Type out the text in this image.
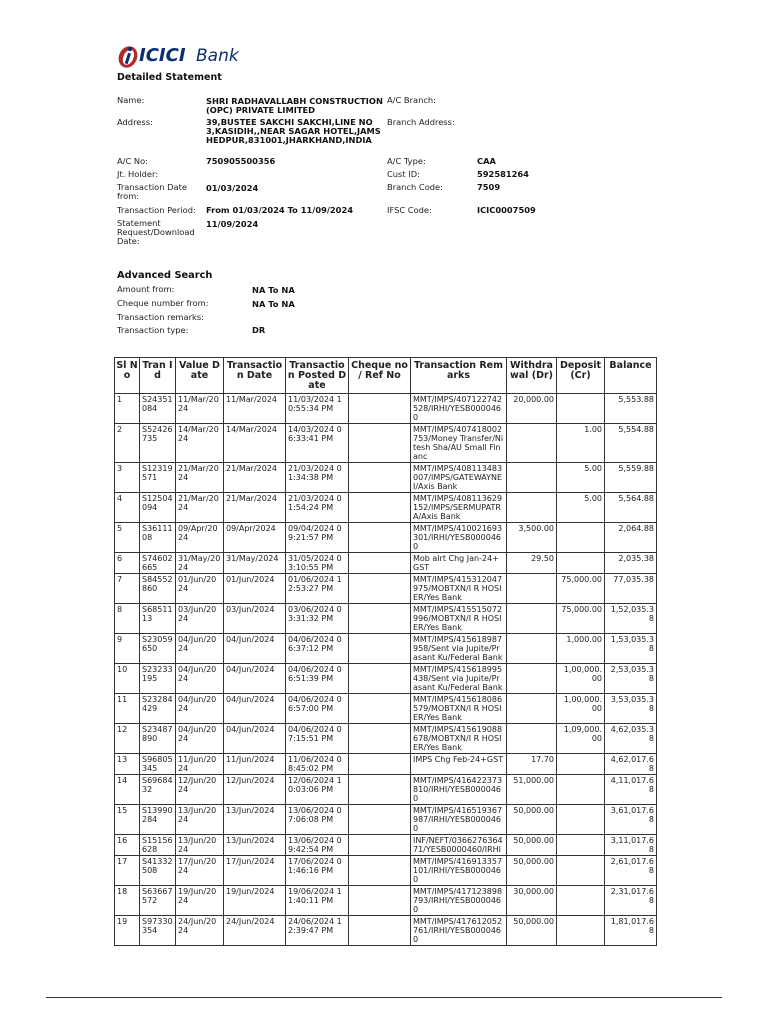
ICICI Bank
Detailed Statement
Name:	SHRI RADHAVALLABH CONSTRUCTION (OPC) PRIVATE LIMITED
Address:	39,BUSTEE SAKCHI SAKCHI,LINE NO 3,KASIDIH,,NEAR SAGAR HOTEL,JAMSHEDPUR,831001,JHARKHAND,INDIA
A/C No:	750905500356
Jt. Holder:
Transaction Date from:
01/03/2024
Transaction Period: From 01/03/2024 To 11/09/2024
Statement Request/Download Date:
11/09/2024
A/C Branch:
Branch Address:
A/C Type:	CAA
Cust ID:	592581264
Branch Code:	7509
IFSC Code:	ICIC0007509
Advanced Search
Amount from:	NA To NA
Cheque number from:	NA To NA
Transaction remarks:
Transaction type:	DR
Sl No	Tran Id	Value Date	Transaction Date	Transaction Posted Date	Cheque no / Ref No	Transaction Remarks	Withdrawal (Dr)	Deposit (Cr)	Balance
1	S24351084	11/Mar/2024	11/Mar/2024	11/03/2024 10:55:34 PM		MMT/IMPS/407122742528/IRHI/YESB0000460	20,000.00		5,553.88
2	S52426735	14/Mar/2024	14/Mar/2024	14/03/2024 06:33:41 PM		MMT/IMPS/407418002753/Money Transfer/Nitesh Sha/AU Small Financ		1.00	5,554.88
3	S12319571	21/Mar/2024	21/Mar/2024	21/03/2024 01:34:38 PM		MMT/IMPS/408113483007/IMPS/GATEWAYNEI/Axis Bank		5.00	5,559.88
4	S12504094	21/Mar/2024	21/Mar/2024	21/03/2024 01:54:24 PM		MMT/IMPS/408113629152/IMPS/SERMUPATRA/Axis Bank		5.00	5,564.88
5	S3611108	09/Apr/2024	09/Apr/2024	09/04/2024 09:21:57 PM		MMT/IMPS/410021693301/IRHI/YESB0000460	3,500.00		2,064.88
6	S74602665	31/May/2024	31/May/2024	31/05/2024 03:10:55 PM		Mob alrt Chg Jan-24+GST	29.50		2,035.38
7	S84552860	01/Jun/2024	01/Jun/2024	01/06/2024 12:53:27 PM		MMT/IMPS/415312047975/MOBTXN/I R HOSIER/Yes Bank		75,000.00	77,035.38
8	S6851113	03/Jun/2024	03/Jun/2024	03/06/2024 03:31:32 PM		MMT/IMPS/415515072996/MOBTXN/I R HOSIER/Yes Bank		75,000.00	1,52,035.38
9	S23059650	04/Jun/2024	04/Jun/2024	04/06/2024 06:37:12 PM		MMT/IMPS/415618987958/Sent via Jupite/Prasant Ku/Federal Bank		1,000.00	1,53,035.38
10	S23233195	04/Jun/2024	04/Jun/2024	04/06/2024 06:51:39 PM		MMT/IMPS/415618995438/Sent via Jupite/Prasant Ku/Federal Bank		1,00,000.00	2,53,035.38
11	S23284429	04/Jun/2024	04/Jun/2024	04/06/2024 06:57:00 PM		MMT/IMPS/415618086579/MOBTXN/I R HOSIER/Yes Bank		1,00,000.00	3,53,035.38
12	S23487890	04/Jun/2024	04/Jun/2024	04/06/2024 07:15:51 PM		MMT/IMPS/415619088678/MOBTXN/I R HOSIER/Yes Bank		1,09,000.00	4,62,035.38
13	S96805345	11/Jun/2024	11/Jun/2024	11/06/2024 08:45:02 PM		IMPS Chg Feb-24+GST	17.70		4,62,017.68
14	S6968432	12/Jun/2024	12/Jun/2024	12/06/2024 10:03:06 PM		MMT/IMPS/416422373810/IRHI/YESB0000460	51,000.00		4,11,017.68
15	S13990284	13/Jun/2024	13/Jun/2024	13/06/2024 07:06:08 PM		MMT/IMPS/416519367987/IRHI/YESB0000460	50,000.00		3,61,017.68
16	S15156628	13/Jun/2024	13/Jun/2024	13/06/2024 09:42:54 PM		INF/NEFT/036627636471/YESB0000460/IRHI	50,000.00		3,11,017.68
17	S41332508	17/Jun/2024	17/Jun/2024	17/06/2024 01:46:16 PM		MMT/IMPS/416913357101/IRHI/YESB0000460	50,000.00		2,61,017.68
18	S63667572	19/Jun/2024	19/Jun/2024	19/06/2024 11:40:11 PM		MMT/IMPS/417123898793/IRHI/YESB0000460	30,000.00		2,31,017.68
19	S97330354	24/Jun/2024	24/Jun/2024	24/06/2024 12:39:47 PM		MMT/IMPS/417612052761/IRHI/YESB0000460	50,000.00		1,81,017.68
